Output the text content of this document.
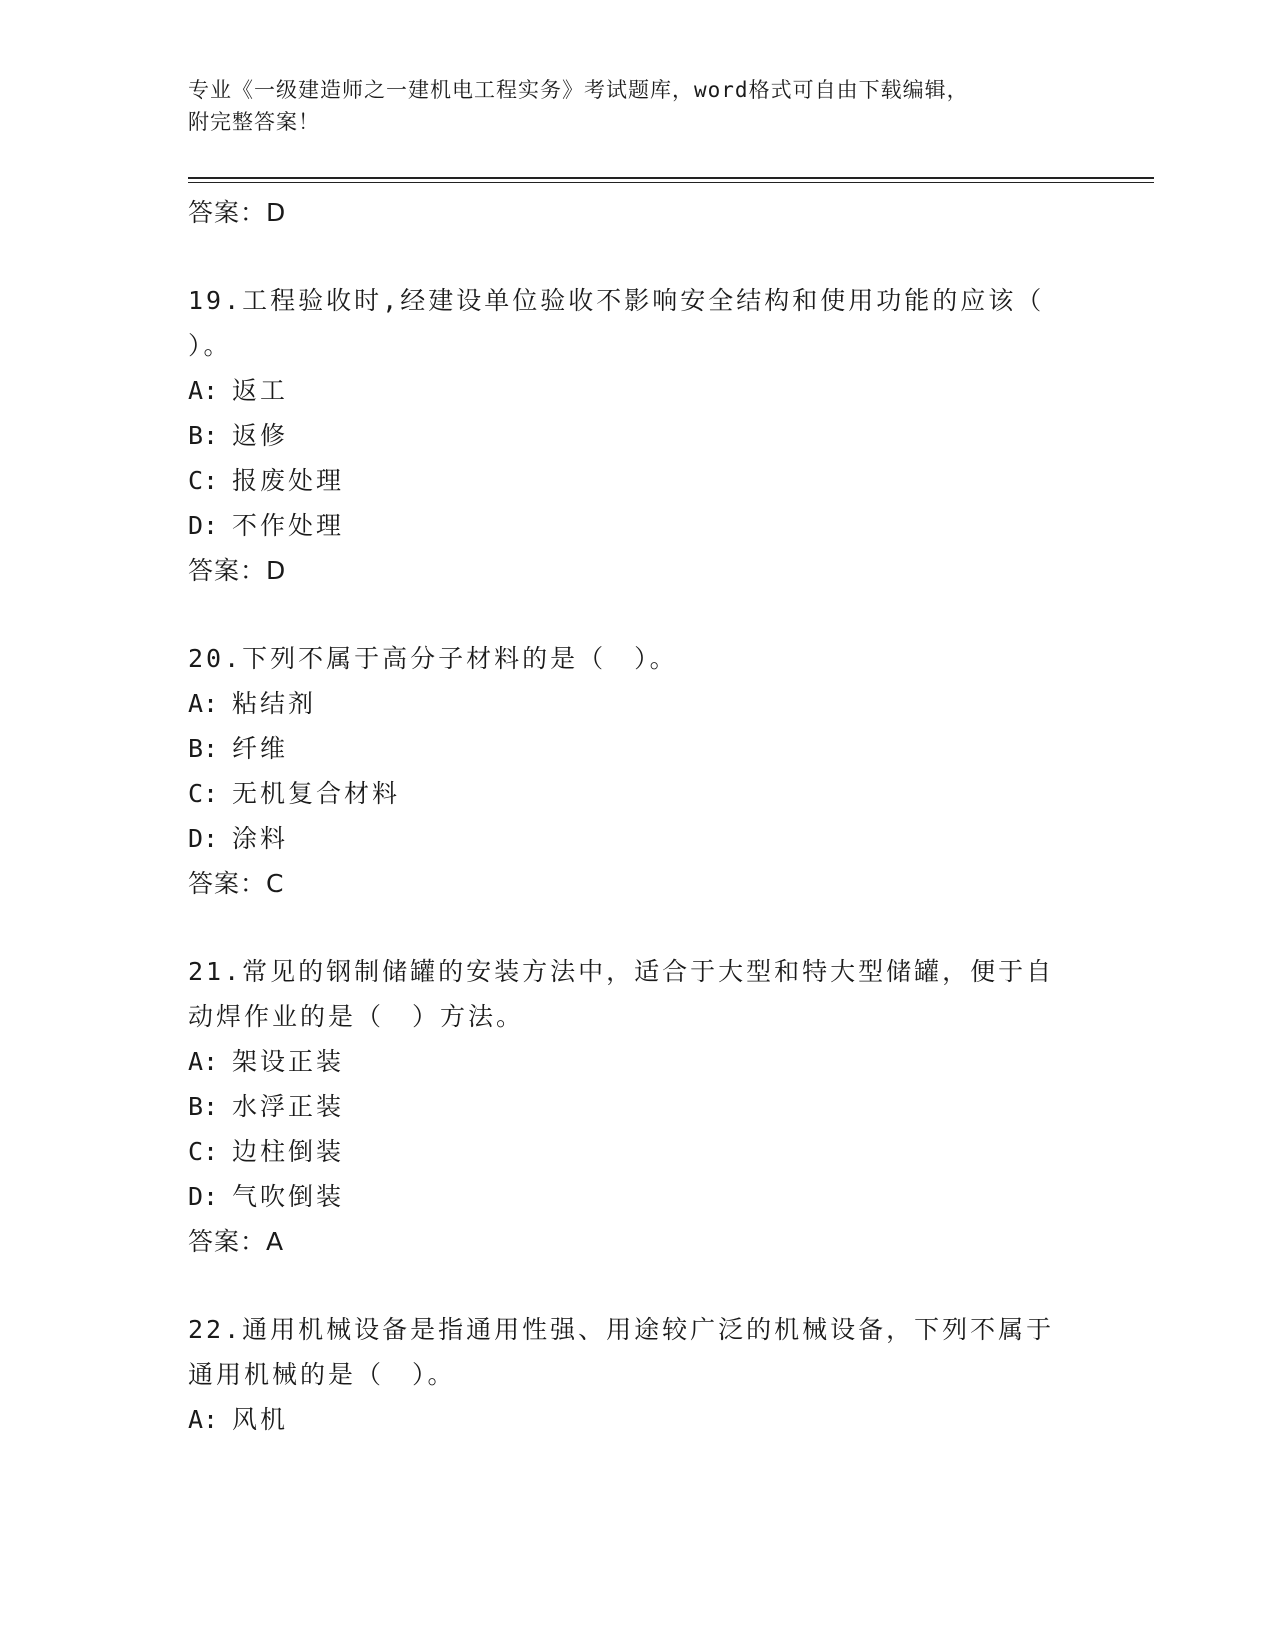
专业《一级建造师之一建机电工程实务》考试题库，word格式可自由下载编辑，
附完整答案！
答案：D
19.工程验收时,经建设单位验收不影响安全结构和使用功能的应该（
）。
A: 返工
B: 返修
C: 报废处理
D: 不作处理
答案：D
20.下列不属于高分子材料的是（　）。
A: 粘结剂
B: 纤维
C: 无机复合材料
D: 涂料
答案：C
21.常见的钢制储罐的安装方法中，适合于大型和特大型储罐，便于自
动焊作业的是（　）方法。
A: 架设正装
B: 水浮正装
C: 边柱倒装
D: 气吹倒装
答案：A
22.通用机械设备是指通用性强、用途较广泛的机械设备，下列不属于
通用机械的是（　）。
A: 风机
